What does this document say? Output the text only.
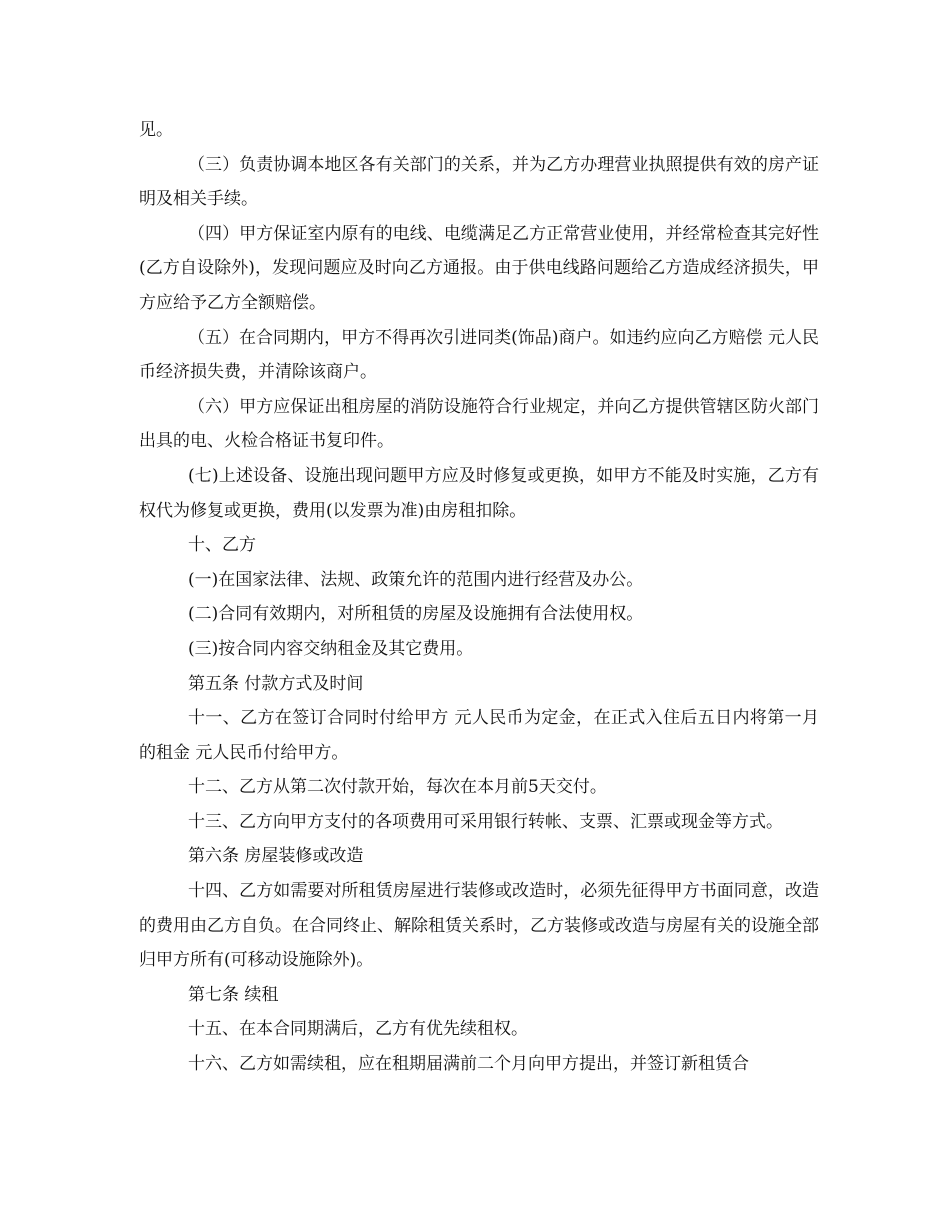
见。

（三）负责协调本地区各有关部门的关系，并为乙方办理营业执照提供有效的房产证明及相关手续。

（四）甲方保证室内原有的电线、电缆满足乙方正常营业使用，并经常检查其完好性(乙方自设除外)，发现问题应及时向乙方通报。由于供电线路问题给乙方造成经济损失，甲方应给予乙方全额赔偿。

（五）在合同期内，甲方不得再次引进同类(饰品)商户。如违约应向乙方赔偿 元人民币经济损失费，并清除该商户。

（六）甲方应保证出租房屋的消防设施符合行业规定，并向乙方提供管辖区防火部门出具的电、火检合格证书复印件。

(七)上述设备、设施出现问题甲方应及时修复或更换，如甲方不能及时实施，乙方有权代为修复或更换，费用(以发票为准)由房租扣除。

十、乙方

(一)在国家法律、法规、政策允许的范围内进行经营及办公。

(二)合同有效期内，对所租赁的房屋及设施拥有合法使用权。

(三)按合同内容交纳租金及其它费用。

第五条 付款方式及时间

十一、乙方在签订合同时付给甲方 元人民币为定金，在正式入住后五日内将第一月的租金 元人民币付给甲方。

十二、乙方从第二次付款开始，每次在本月前5天交付。

十三、乙方向甲方支付的各项费用可采用银行转帐、支票、汇票或现金等方式。

第六条 房屋装修或改造

十四、乙方如需要对所租赁房屋进行装修或改造时，必须先征得甲方书面同意，改造的费用由乙方自负。在合同终止、解除租赁关系时，乙方装修或改造与房屋有关的设施全部归甲方所有(可移动设施除外)。

第七条 续租

十五、在本合同期满后，乙方有优先续租权。

十六、乙方如需续租，应在租期届满前二个月向甲方提出，并签订新租赁合
